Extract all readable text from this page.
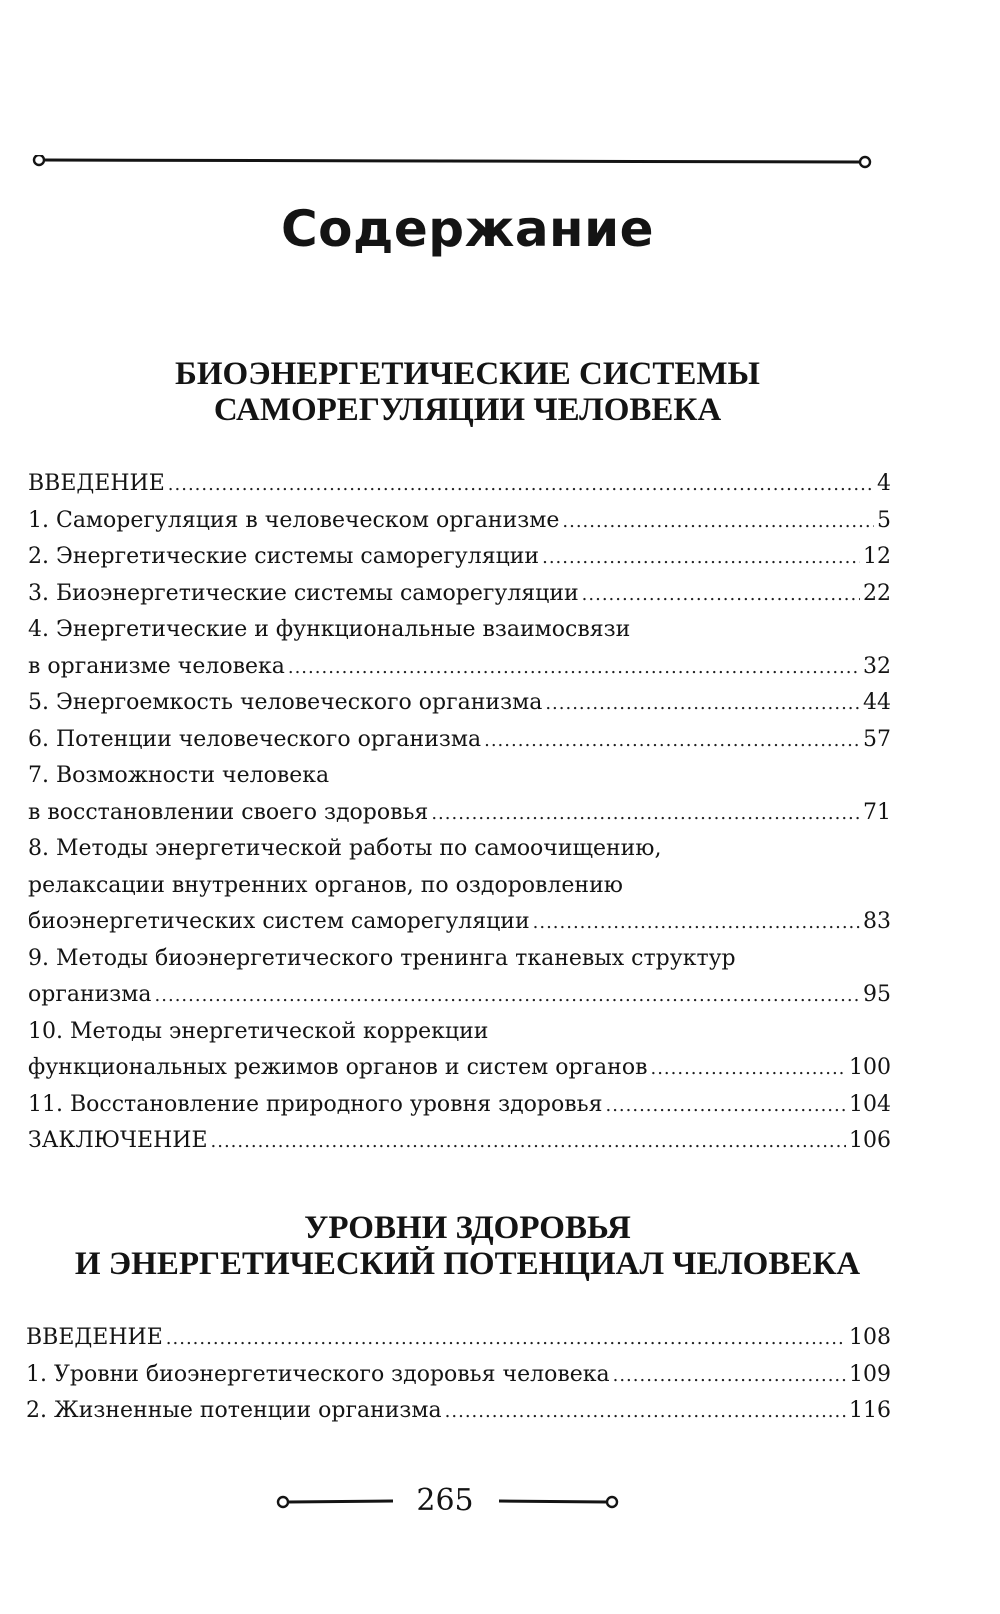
Содержание
БИОЭНЕРГЕТИЧЕСКИЕ СИСТЕМЫ
САМОРЕГУЛЯЦИИ ЧЕЛОВЕКА
ВВЕДЕНИЕ .....	4
1. Саморегуляция в человеческом организме .....	5
2. Энергетические системы саморегуляции .....	12
3. Биоэнергетические системы саморегуляции .....	22
4. Энергетические и функциональные взаимосвязи
в организме человека .....	32
5. Энергоемкость человеческого организма .....	44
6. Потенции человеческого организма .....	57
7. Возможности человека
в восстановлении своего здоровья .....	71
8. Методы энергетической работы по самоочищению,
релаксации внутренних органов, по оздоровлению
биоэнергетических систем саморегуляции .....	83
9. Методы биоэнергетического тренинга тканевых структур
организма .....	95
10. Методы энергетической коррекции
функциональных режимов органов и систем органов .....	100
11. Восстановление природного уровня здоровья .....	104
ЗАКЛЮЧЕНИЕ .....	106
УРОВНИ ЗДОРОВЬЯ
И ЭНЕРГЕТИЧЕСКИЙ ПОТЕНЦИАЛ ЧЕЛОВЕКА
ВВЕДЕНИЕ .....	108
1. Уровни биоэнергетического здоровья человека .....	109
2. Жизненные потенции организма .....	116
265
